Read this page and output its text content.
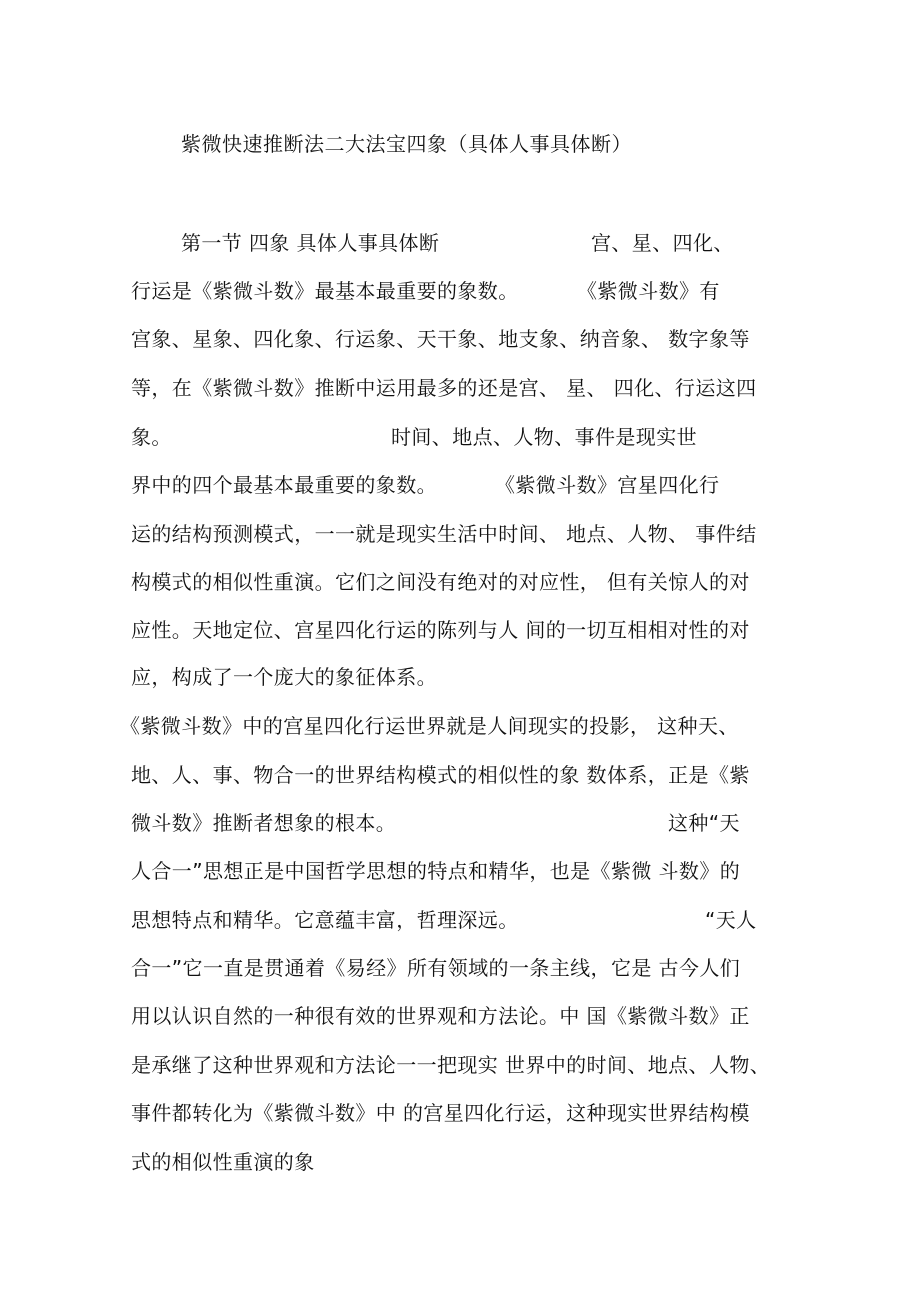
紫微快速推断法二大法宝四象（具体人事具体断）
第一节 四象 具体人事具体断	宫、星、四化、
行运是《紫微斗数》最基本最重要的象数。	《紫微斗数》有
宫象、星象、四化象、行运象、天干象、地支象、纳音象、 数字象等
等，在《紫微斗数》推断中运用最多的还是宫、 星、 四化、行运这四
象。	时间、地点、人物、事件是现实世
界中的四个最基本最重要的象数。	《紫微斗数》宫星四化行
运的结构预测模式，一一就是现实生活中时间、 地点、人物、 事件结
构模式的相似性重演。它们之间没有绝对的对应性， 但有关惊人的对
应性。天地定位、宫星四化行运的陈列与人 间的一切互相相对性的对
应，构成了一个庞大的象征体系。
《紫微斗数》中的宫星四化行运世界就是人间现实的投影， 这种天、
地、人、事、物合一的世界结构模式的相似性的象 数体系，正是《紫
微斗数》推断者想象的根本。	这种“天
人合一”思想正是中国哲学思想的特点和精华，也是《紫微 斗数》的
思想特点和精华。它意蕴丰富，哲理深远。	“天人
合一”它一直是贯通着《易经》所有领域的一条主线，它是 古今人们
用以认识自然的一种很有效的世界观和方法论。中 国《紫微斗数》正
是承继了这种世界观和方法论一一把现实 世界中的时间、地点、人物、
事件都转化为《紫微斗数》中 的宫星四化行运，这种现实世界结构模
式的相似性重演的象
